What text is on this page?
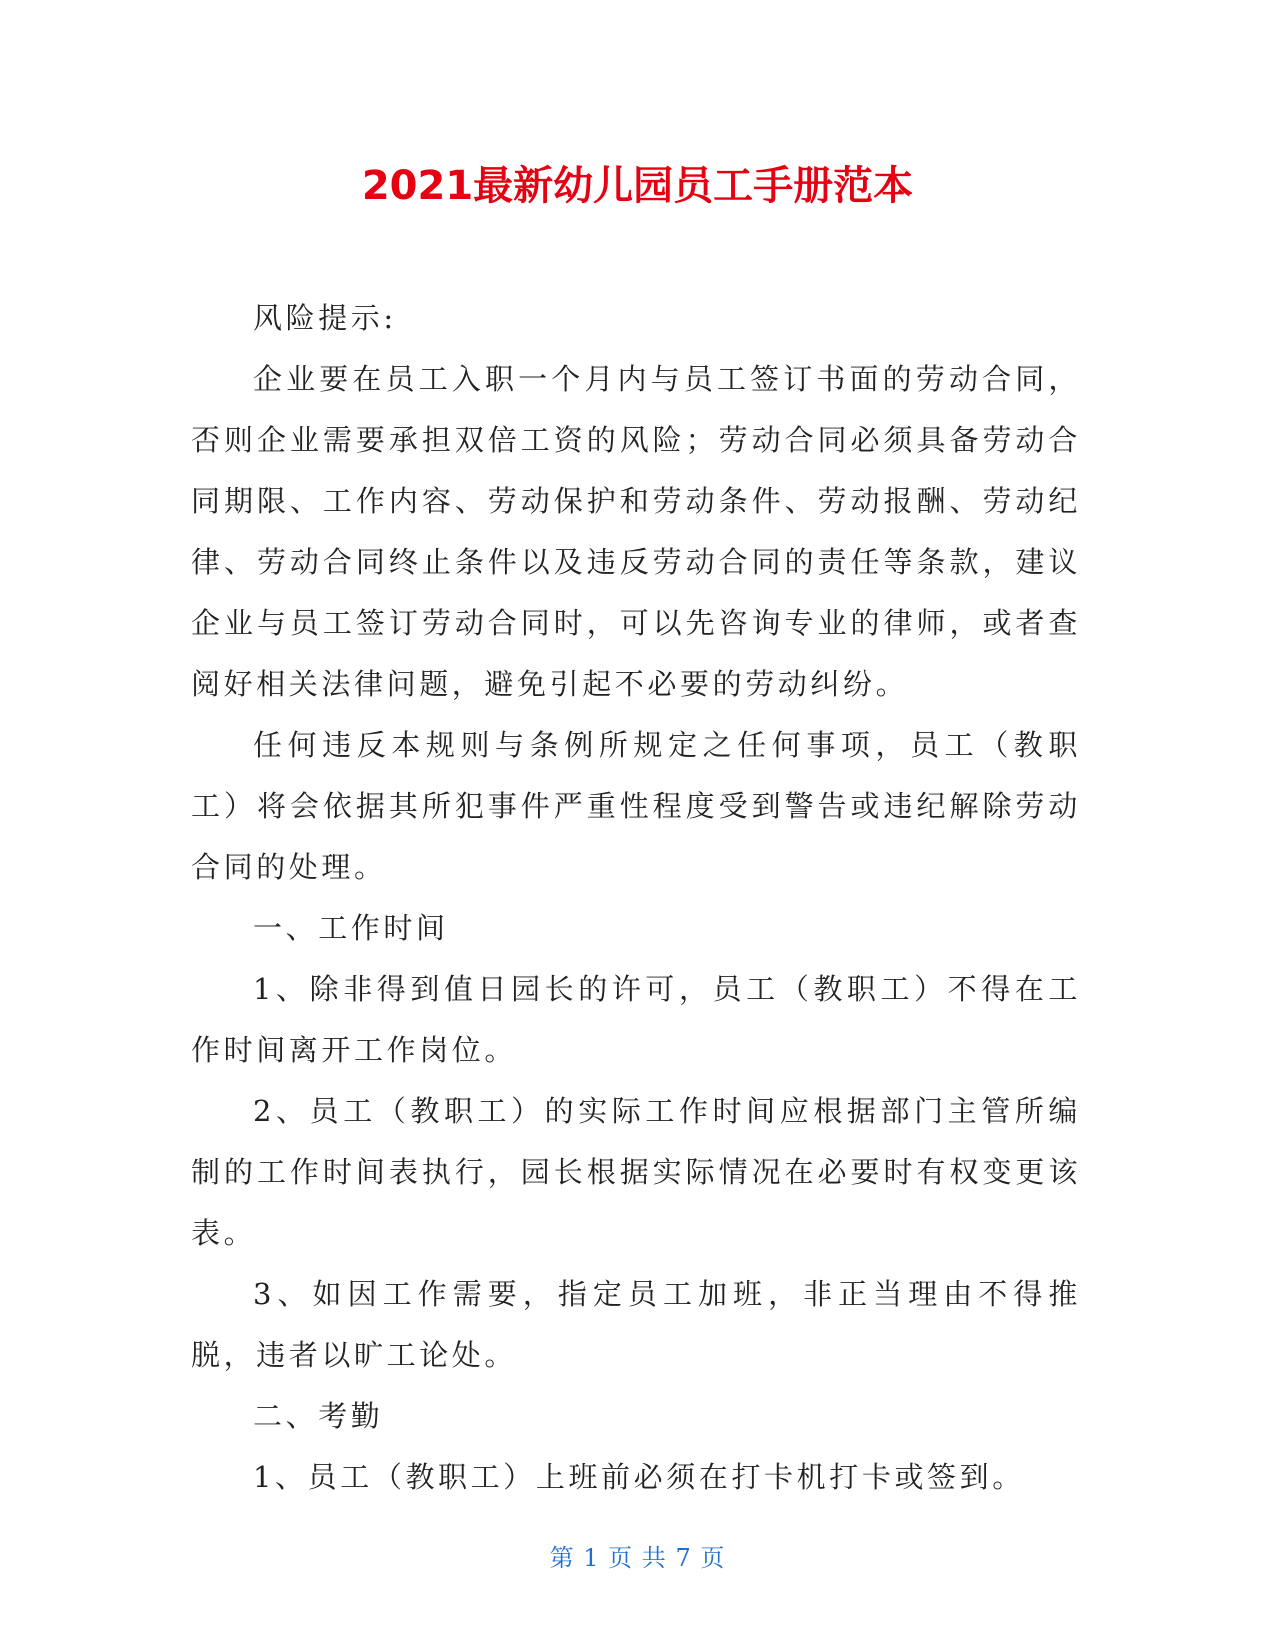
2021最新幼儿园员工手册范本

风险提示:

企业要在员工入职一个月内与员工签订书面的劳动合同，否则企业需要承担双倍工资的风险；劳动合同必须具备劳动合同期限、工作内容、劳动保护和劳动条件、劳动报酬、劳动纪律、劳动合同终止条件以及违反劳动合同的责任等条款，建议企业与员工签订劳动合同时，可以先咨询专业的律师，或者查阅好相关法律问题，避免引起不必要的劳动纠纷。

任何违反本规则与条例所规定之任何事项，员工（教职工）将会依据其所犯事件严重性程度受到警告或违纪解除劳动合同的处理。

一、工作时间

1、除非得到值日园长的许可，员工（教职工）不得在工作时间离开工作岗位。

2、员工（教职工）的实际工作时间应根据部门主管所编制的工作时间表执行，园长根据实际情况在必要时有权变更该表。

3、如因工作需要，指定员工加班，非正当理由不得推脱，违者以旷工论处。

二、考勤

1、员工（教职工）上班前必须在打卡机打卡或签到。

第 1 页 共 7 页
